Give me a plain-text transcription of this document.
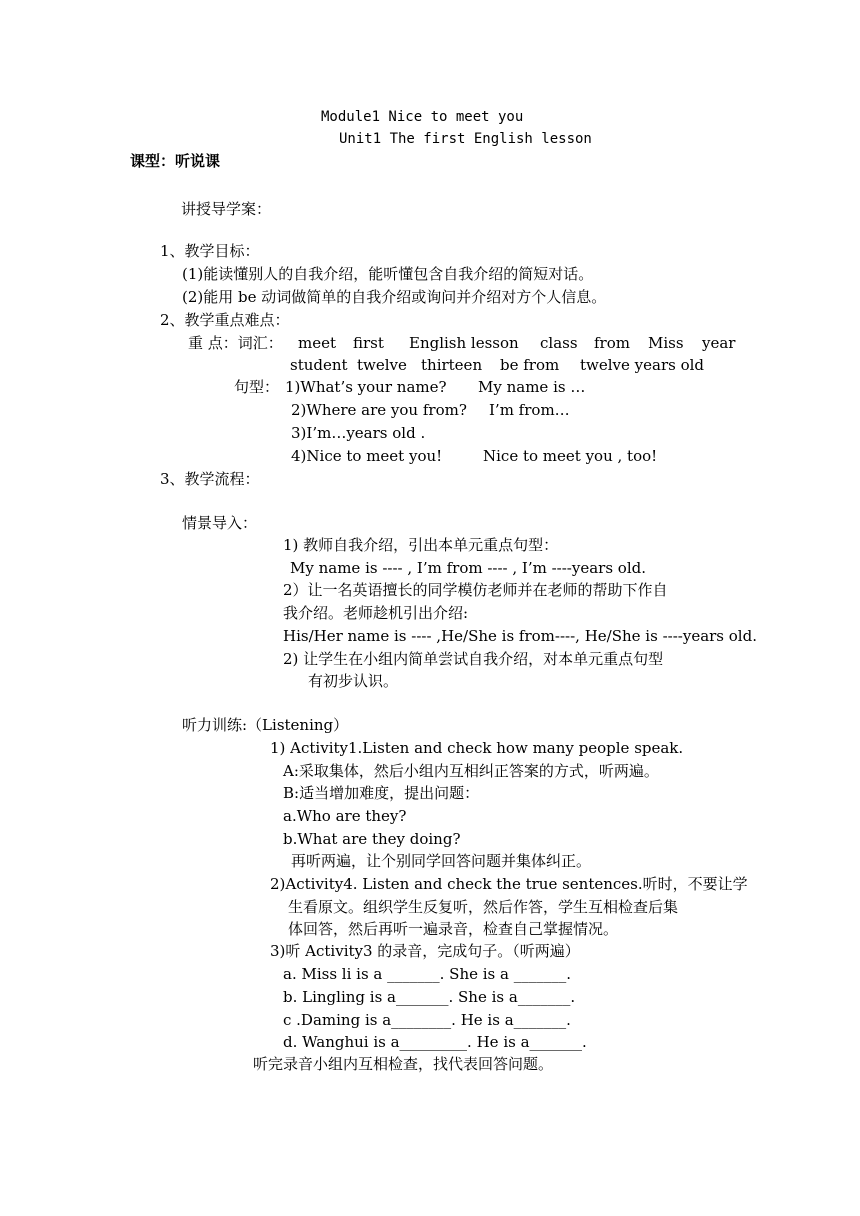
Module1 Nice to meet you
Unit1 The first English lesson
课型：听说课
讲授导学案：
1、教学目标：
(1)能读懂别人的自我介绍，能听懂包含自我介绍的简短对话。
(2)能用 be 动词做简单的自我介绍或询问并介绍对方个人信息。
2、教学重点难点：
重 点：词汇： meet first English lesson class from Miss year
student twelve thirteen be from twelve years old
句型： 1)What’s your name? My name is …
2)Where are you from? I’m from…
3)I’m…years old .
4)Nice to meet you!	Nice to meet you , too!
3、教学流程：
情景导入：
1) 教师自我介绍，引出本单元重点句型：
My name is ---- , I’m from ---- , I’m ----years old.
2）让一名英语擅长的同学模仿老师并在老师的帮助下作自
我介绍。老师趁机引出介绍:
His/Her name is ---- ,He/She is from----, He/She is ----years old.
2) 让学生在小组内简单尝试自我介绍，对本单元重点句型
有初步认识。
听力训练:（Listening）
1) Activity1.Listen and check how many people speak.
A:采取集体，然后小组内互相纠正答案的方式，听两遍。
B:适当增加难度，提出问题：
a.Who are they?
b.What are they doing?
再听两遍，让个别同学回答问题并集体纠正。
2)Activity4. Listen and check the true sentences.听时，不要让学
生看原文。组织学生反复听，然后作答，学生互相检查后集
体回答，然后再听一遍录音，检查自己掌握情况。
3)听 Activity3 的录音，完成句子。（听两遍）
a. Miss li is a _______. She is a _______.
b. Lingling is a_______. She is a_______.
c .Daming is a________. He is a_______.
d. Wanghui is a_________. He is a_______.
听完录音小组内互相检查，找代表回答问题。
